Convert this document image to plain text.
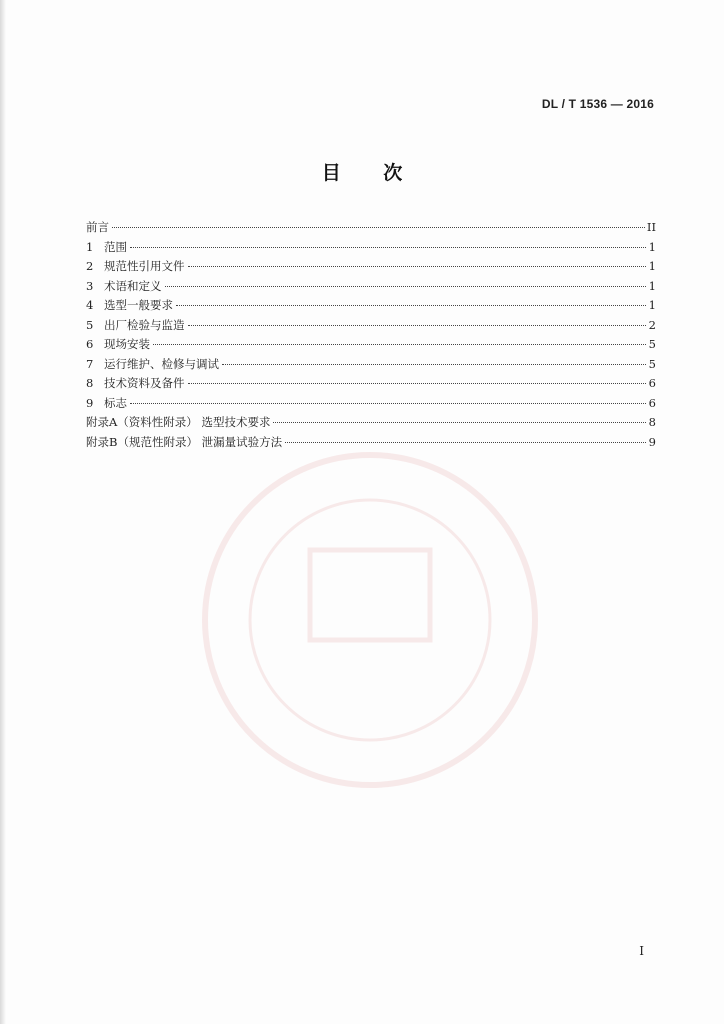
DL / T 1536 — 2016
目 次
前言	II
1 范围	1
2 规范性引用文件	1
3 术语和定义	1
4 选型一般要求	1
5 出厂检验与监造	2
6 现场安装	5
7 运行维护、检修与调试	5
8 技术资料及备件	6
9 标志	6
附录A（资料性附录） 选型技术要求	8
附录B（规范性附录） 泄漏量试验方法	9
I
